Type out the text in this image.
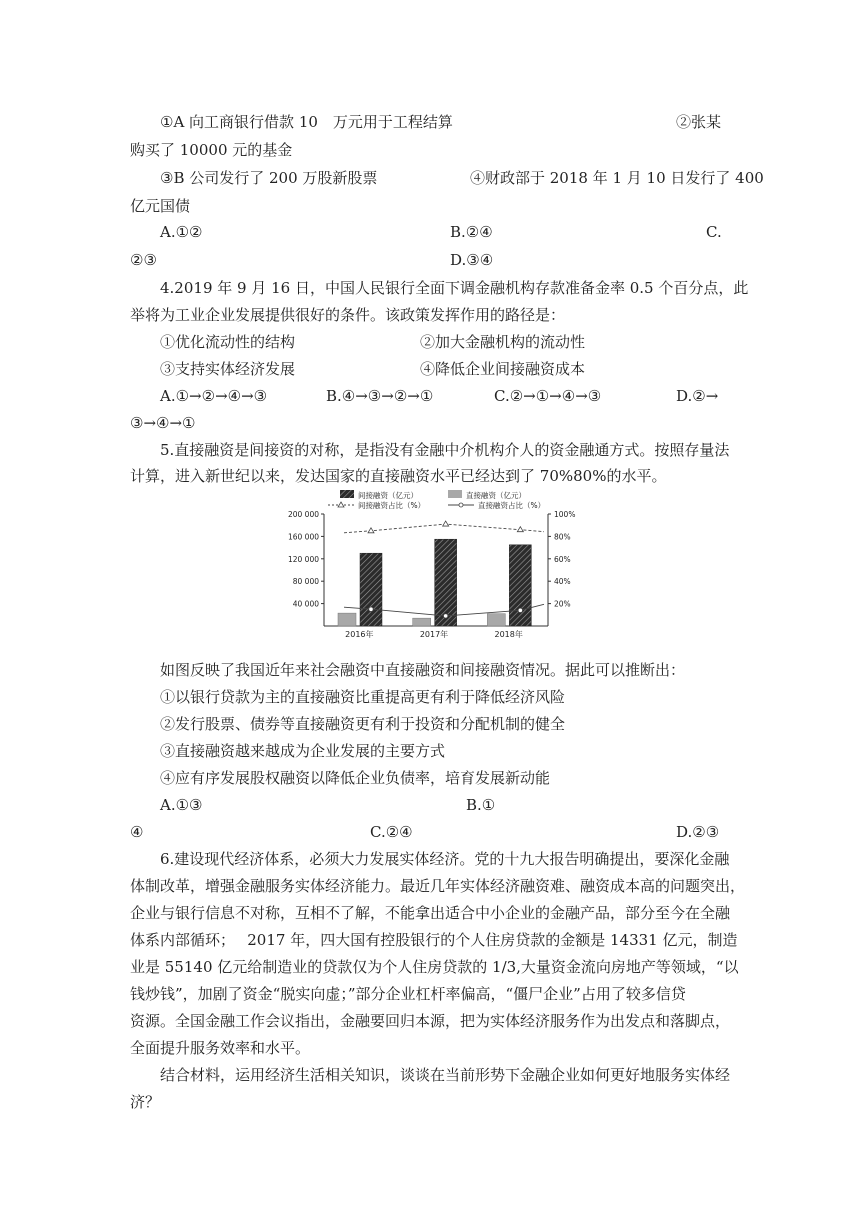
①A 向工商银行借款 10　万元用于工程结算	②张某
购买了 10000 元的基金
③B 公司发行了 200 万股新股票	④财政部于 2018 年 1 月 10 日发行了 400
亿元国债
A.①②	B.②④	C.
②③	D.③④
4.2019 年 9 月 16 日，中国人民银行全面下调金融机构存款准备金率 0.5 个百分点，此
举将为工业企业发展提供很好的条件。该政策发挥作用的路径是：
①优化流动性的结构	②加大金融机构的流动性
③支持实体经济发展	④降低企业间接融资成本
A.①→②→④→③	B.④→③→②→①	C.②→①→④→③	D.②→
③→④→①
5.直接融资是间接资的对称，是指没有金融中介机构介人的资金融通方式。按照存量法
计算，进入新世纪以来，发达国家的直接融资水平已经达到了 70%80%的水平。
间接融资（亿元）	直接融资（亿元）
间接融资占比（%）	直接融资占比（%）
200 000
160 000
120 000
80 000
40 000
100%
80%
60%
40%
20%
2016年	2017年	2018年
如图反映了我国近年来社会融资中直接融资和间接融资情况。据此可以推断出：
①以银行贷款为主的直接融资比重提高更有利于降低经济风险
②发行股票、债券等直接融资更有利于投资和分配机制的健全
③直接融资越来越成为企业发展的主要方式
④应有序发展股权融资以降低企业负债率，培育发展新动能
A.①③	B.①
④	C.②④	D.②③
6.建设现代经济体系，必须大力发展实体经济。党的十九大报告明确提出，要深化金融
体制改革，增强金融服务实体经济能力。最近几年实体经济融资难、融资成本高的问题突出，
企业与银行信息不对称，互相不了解，不能拿出适合中小企业的金融产品，部分至今在全融
体系内部循环；　 2017 年，四大国有控股银行的个人住房贷款的金额是 14331 亿元，制造
业是 55140 亿元给制造业的贷款仅为个人住房贷款的 1/3,大量资金流向房地产等领域，“以
钱炒钱”，加剧了资金“脱实向虚；”部分企业杠杆率偏高，“僵尸企业”占用了较多信贷
资源。全国金融工作会议指出，金融要回归本源，把为实体经济服务作为出发点和落脚点，
全面提升服务效率和水平。
结合材料，运用经济生活相关知识，谈谈在当前形势下金融企业如何更好地服务实体经
济？
